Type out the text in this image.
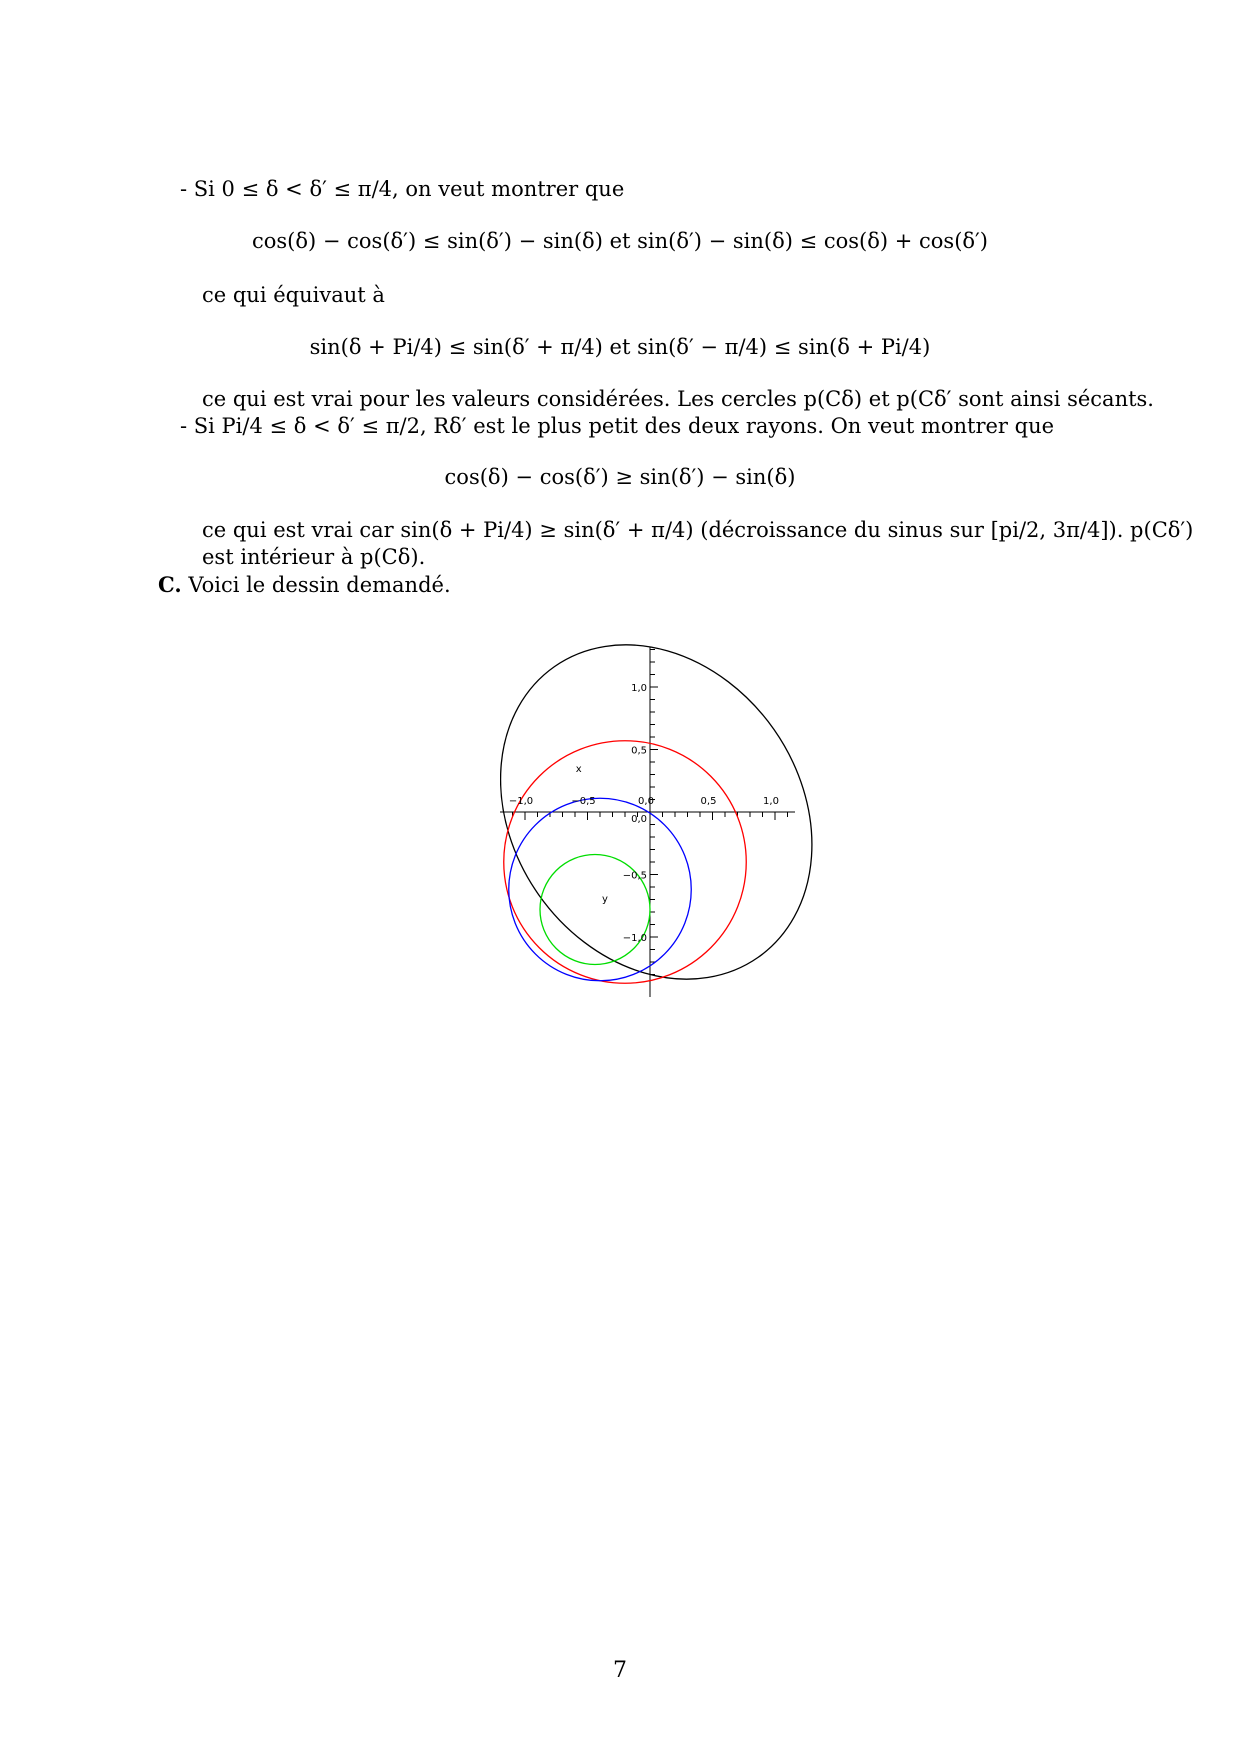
- Si 0 ≤ δ < δ′ ≤ π/4, on veut montrer que
cos(δ) − cos(δ′) ≤ sin(δ′) − sin(δ) et sin(δ′) − sin(δ) ≤ cos(δ) + cos(δ′)
ce qui équivaut à
sin(δ + Pi/4) ≤ sin(δ′ + π/4) et sin(δ′ − π/4) ≤ sin(δ + Pi/4)
ce qui est vrai pour les valeurs considérées. Les cercles p(Cδ) et p(Cδ′ sont ainsi sécants.
- Si Pi/4 ≤ δ < δ′ ≤ π/2, Rδ′ est le plus petit des deux rayons. On veut montrer que
cos(δ) − cos(δ′) ≥ sin(δ′) − sin(δ)
ce qui est vrai car sin(δ + Pi/4) ≥ sin(δ′ + π/4) (décroissance du sinus sur [pi/2, 3π/4]). p(Cδ′)
est intérieur à p(Cδ).
C. Voici le dessin demandé.
−1,0	−0,5	0,0	0,5	1,0
1,0
0,5
−0,5
−1,0
0,0
x
y
7
